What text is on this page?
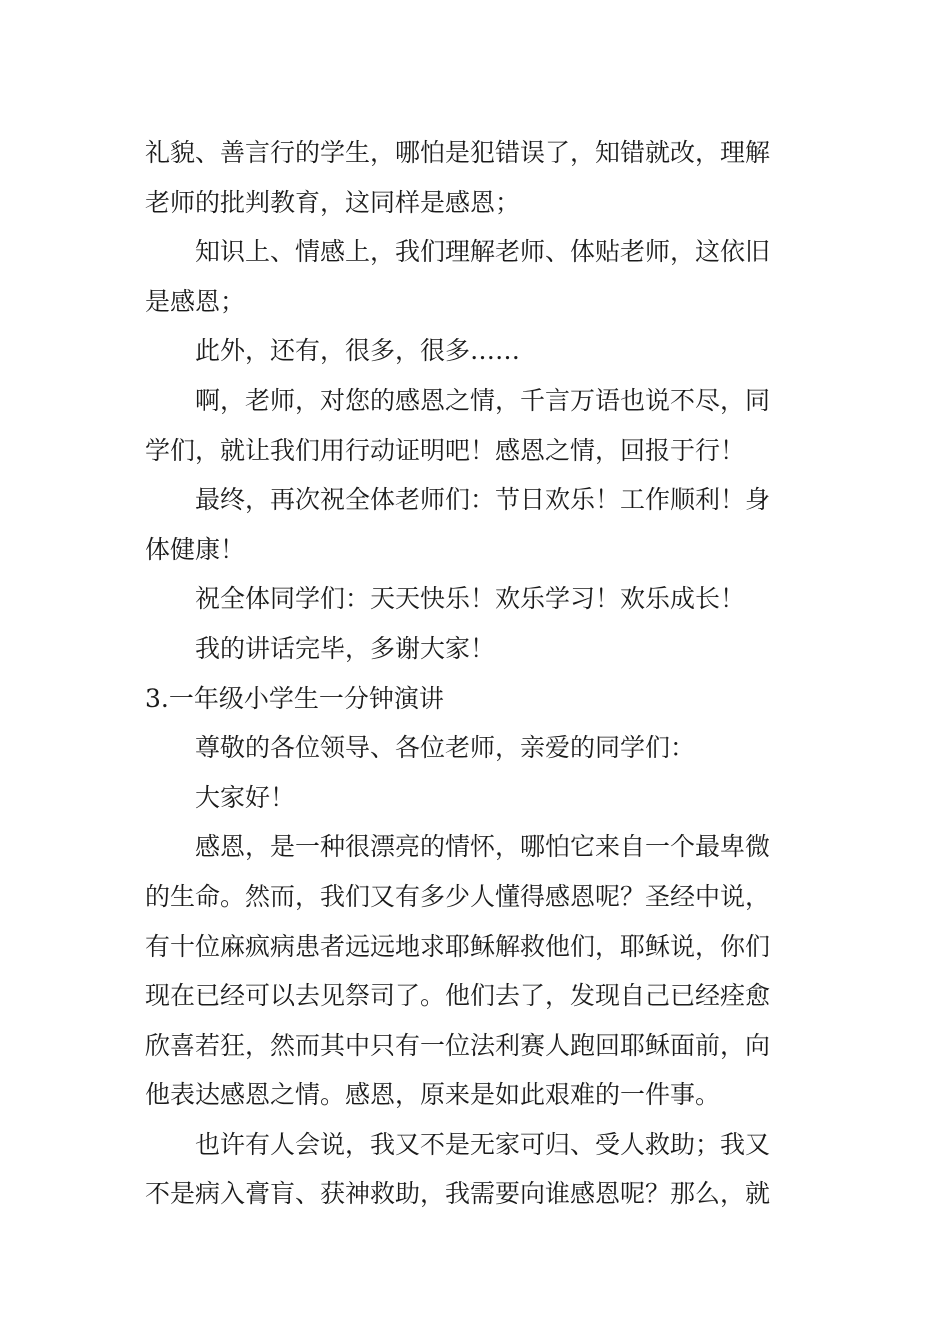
礼貌、善言行的学生，哪怕是犯错误了，知错就改，理解
老师的批判教育，这同样是感恩；
知识上、情感上，我们理解老师、体贴老师，这依旧
是感恩；
此外，还有，很多，很多……
啊，老师，对您的感恩之情，千言万语也说不尽，同
学们，就让我们用行动证明吧！感恩之情，回报于行！
最终，再次祝全体老师们：节日欢乐！工作顺利！身
体健康！
祝全体同学们：天天快乐！欢乐学习！欢乐成长！
我的讲话完毕，多谢大家！
3.一年级小学生一分钟演讲
尊敬的各位领导、各位老师，亲爱的同学们：
大家好！
感恩，是一种很漂亮的情怀，哪怕它来自一个最卑微
的生命。然而，我们又有多少人懂得感恩呢？圣经中说，
有十位麻疯病患者远远地求耶稣解救他们，耶稣说，你们
现在已经可以去见祭司了。他们去了，发现自己已经痊愈
欣喜若狂，然而其中只有一位法利赛人跑回耶稣面前，向
他表达感恩之情。感恩，原来是如此艰难的一件事。
也许有人会说，我又不是无家可归、受人救助；我又
不是病入膏肓、获神救助，我需要向谁感恩呢？那么，就
